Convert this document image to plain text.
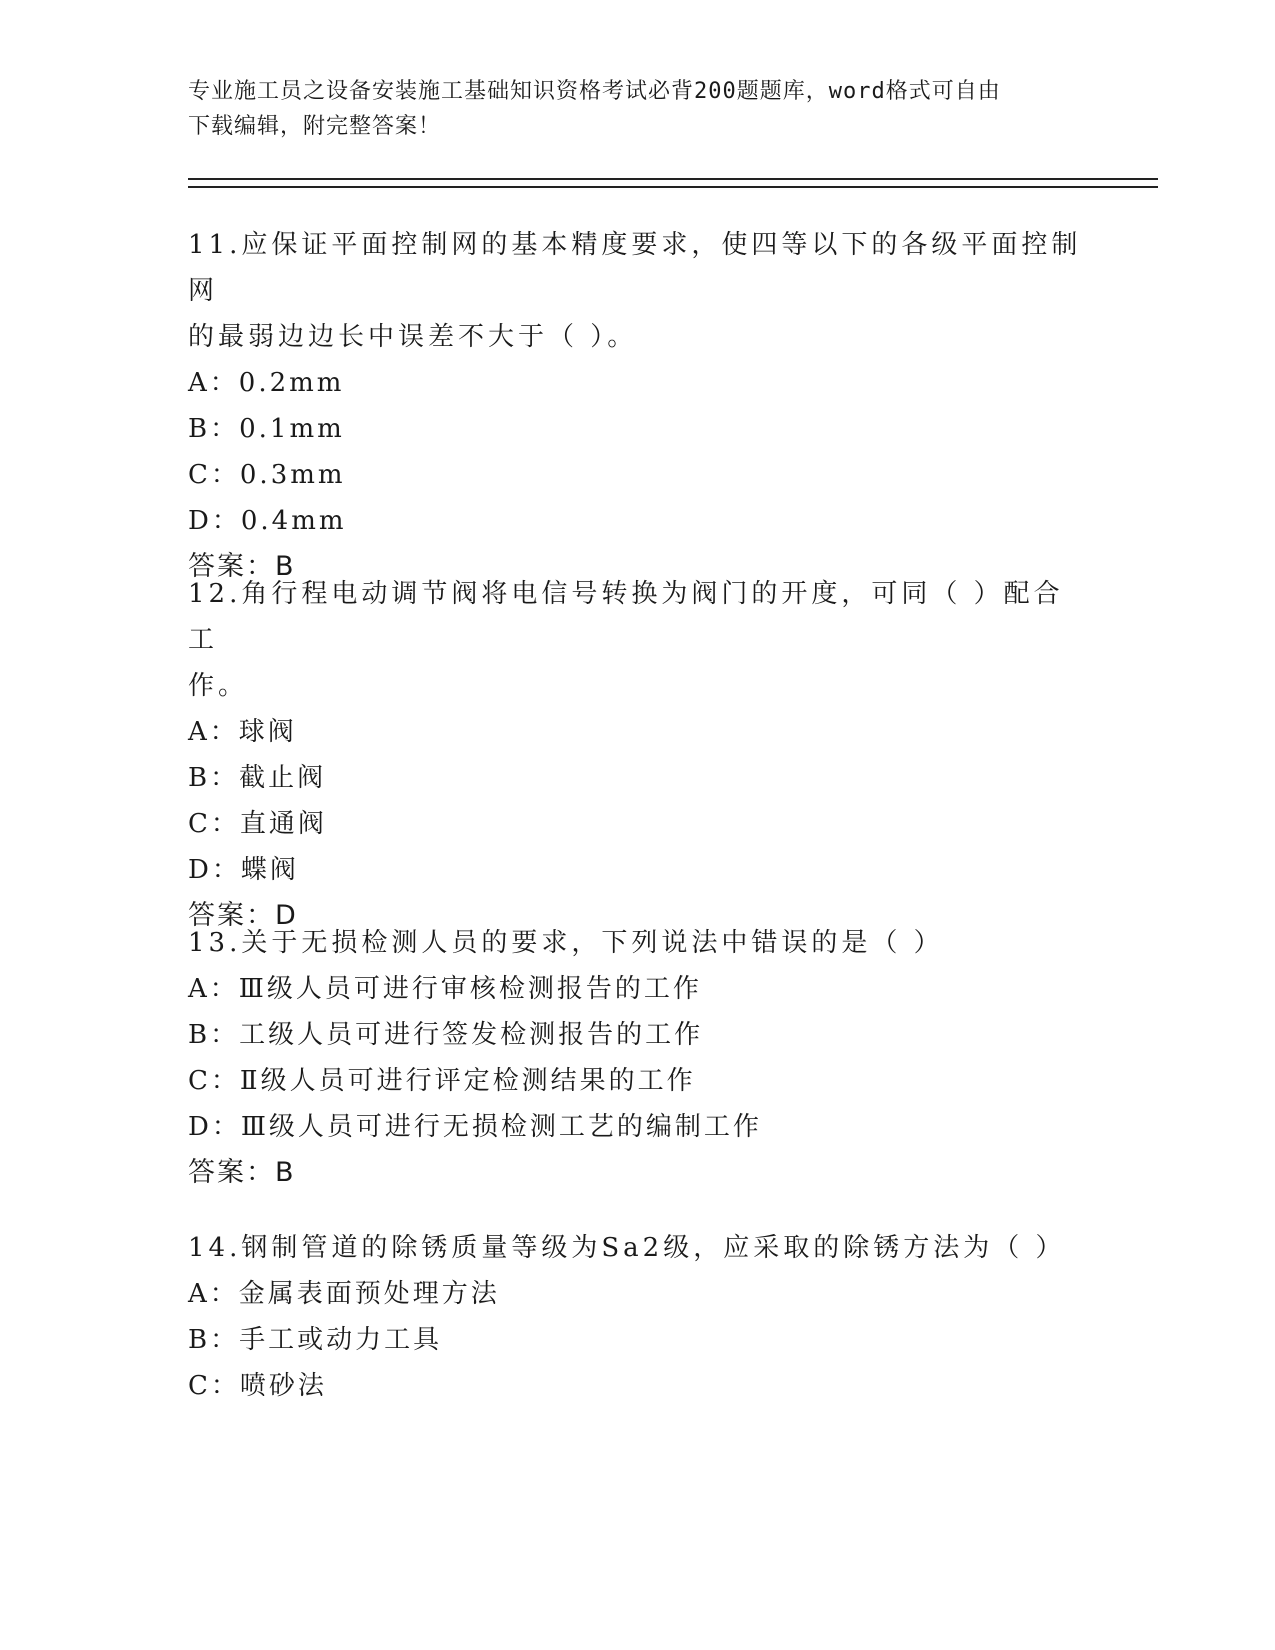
专业施工员之设备安装施工基础知识资格考试必背200题题库，word格式可自由
下载编辑，附完整答案！
11.应保证平面控制网的基本精度要求，使四等以下的各级平面控制网
的最弱边边长中误差不大于（ ）。
A：0.2mm
B：0.1mm
C：0.3mm
D：0.4mm
答案：B
12.角行程电动调节阀将电信号转换为阀门的开度，可同（ ）配合工
作。
A：球阀
B：截止阀
C：直通阀
D：蝶阀
答案：D
13.关于无损检测人员的要求，下列说法中错误的是（ ）
A：Ⅲ级人员可进行审核检测报告的工作
B：工级人员可进行签发检测报告的工作
C：Ⅱ级人员可进行评定检测结果的工作
D：Ⅲ级人员可进行无损检测工艺的编制工作
答案：B
14.钢制管道的除锈质量等级为Sa2级，应采取的除锈方法为（ ）
A：金属表面预处理方法
B：手工或动力工具
C：喷砂法
